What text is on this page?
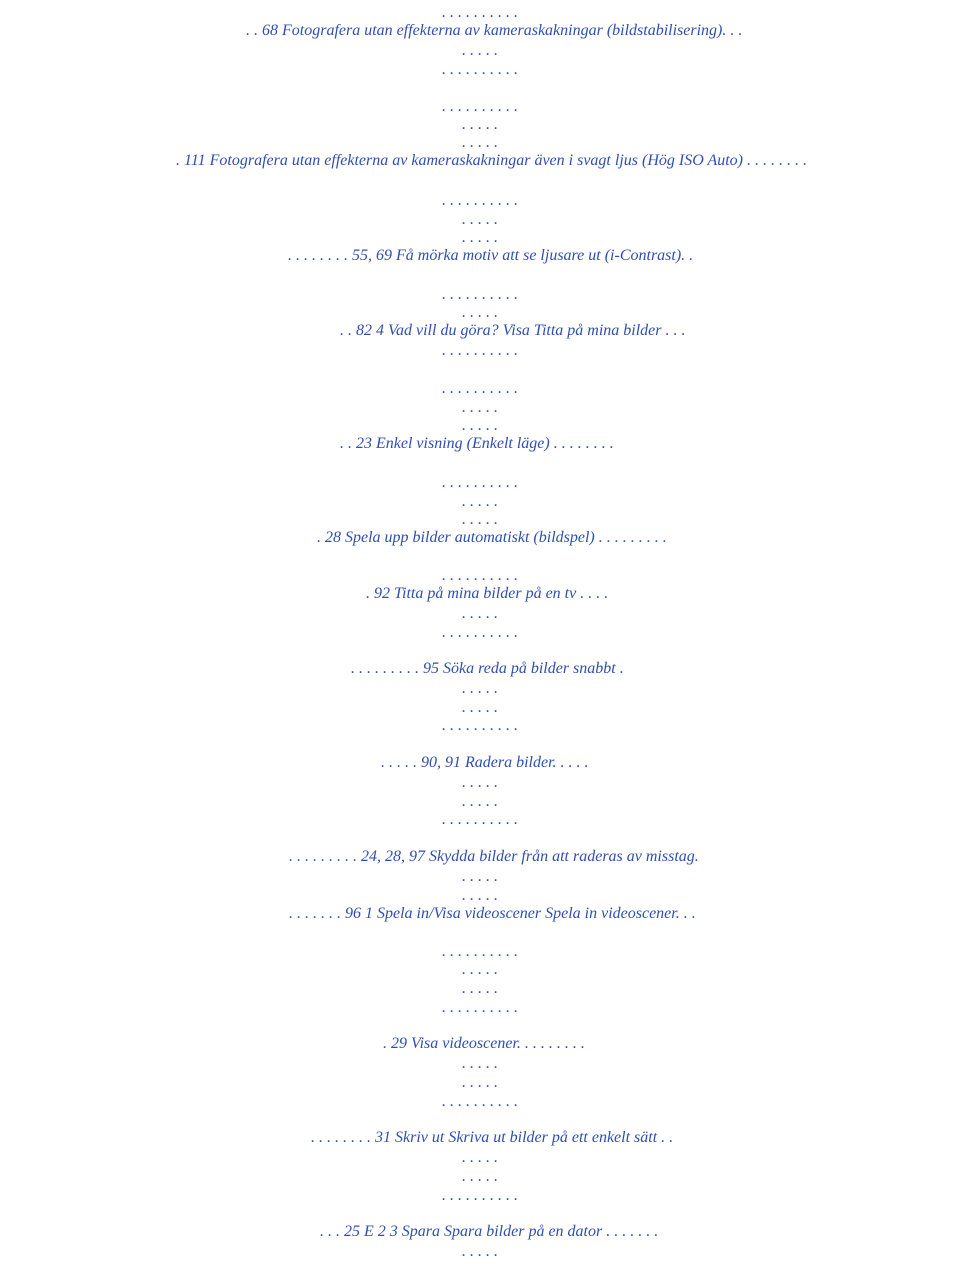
. . . . . . . . . .
. . 68 Fotografera utan effekterna av kameraskakningar (bildstabilisering). . .
. . . . .
. . . . . . . . . .
. . . . . . . . . .
. . . . .
. . . . .
. 111 Fotografera utan effekterna av kameraskakningar även i svagt ljus (Hög ISO Auto) . . . . . . . .
. . . . . . . . . .
. . . . .
. . . . .
. . . . . . . . 55, 69 Få mörka motiv att se ljusare ut (i-Contrast). .
. . . . . . . . . .
. . . . .
. . 82 4 Vad vill du göra? Visa Titta på mina bilder . . .
. . . . . . . . . .
. . . . . . . . . .
. . . . .
. . . . .
. . 23 Enkel visning (Enkelt läge) . . . . . . . .
. . . . . . . . . .
. . . . .
. . . . .
. 28 Spela upp bilder automatiskt (bildspel) . . . . . . . . .
. . . . . . . . . .
. 92 Titta på mina bilder på en tv . . . .
. . . . .
. . . . . . . . . .
. . . . . . . . . 95 Söka reda på bilder snabbt .
. . . . .
. . . . .
. . . . . . . . . .
. . . . . 90, 91 Radera bilder. . . . .
. . . . .
. . . . .
. . . . . . . . . .
. . . . . . . . . 24, 28, 97 Skydda bilder från att raderas av misstag.
. . . . .
. . . . .
. . . . . . . 96 1 Spela in/Visa videoscener Spela in videoscener. . .
. . . . . . . . . .
. . . . .
. . . . .
. . . . . . . . . .
. 29 Visa videoscener. . . . . . . . .
. . . . .
. . . . .
. . . . . . . . . .
. . . . . . . . 31 Skriv ut Skriva ut bilder på ett enkelt sätt . .
. . . . .
. . . . .
. . . . . . . . . .
. . . 25 E 2 3 Spara Spara bilder på en dator . . . . . . .
. . . . .
